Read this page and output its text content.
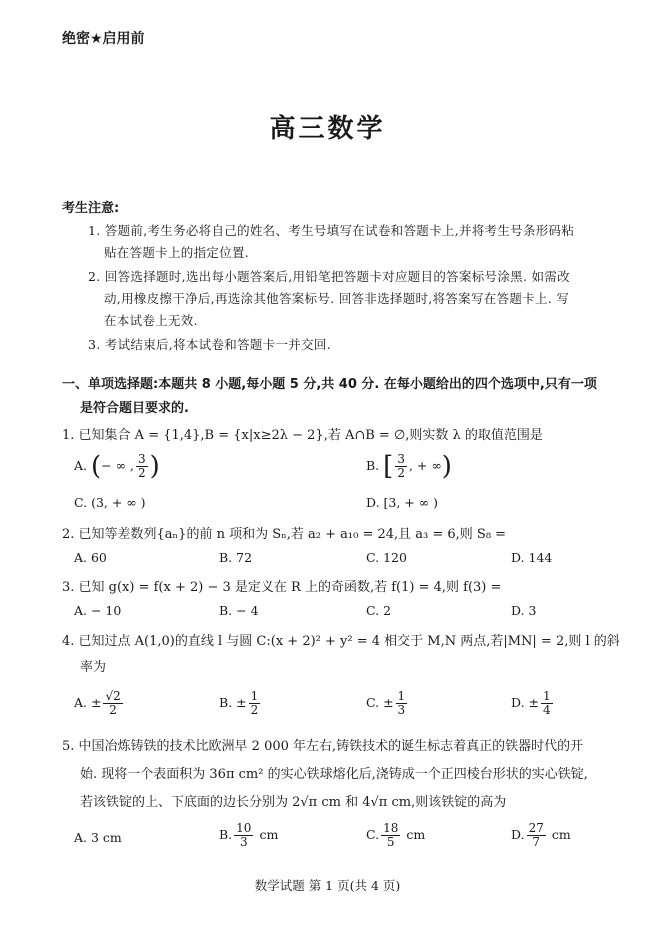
绝密★启用前
高三数学
考生注意:
1. 答题前,考生务必将自己的姓名、考生号填写在试卷和答题卡上,并将考生号条形码粘
贴在答题卡上的指定位置.
2. 回答选择题时,选出每小题答案后,用铅笔把答题卡对应题目的答案标号涂黑. 如需改
动,用橡皮擦干净后,再选涂其他答案标号. 回答非选择题时,将答案写在答题卡上. 写
在本试卷上无效.
3. 考试结束后,将本试卷和答题卡一并交回.
一、单项选择题:本题共 8 小题,每小题 5 分,共 40 分. 在每小题给出的四个选项中,只有一项
是符合题目要求的.
1. 已知集合 A = {1,4},B = {x|x≥2λ − 2},若 A∩B = ∅,则实数 λ 的取值范围是
A. (− ∞ , $\frac{3}{2}$ )	B. [ $\frac{3}{2}$ , + ∞)
C. (3, + ∞ )	D. [3, + ∞ )
2. 已知等差数列{aₙ}的前 n 项和为 Sₙ,若 a₂ + a₁₀ = 24,且 a₃ = 6,则 S₈ =
A. 60	B. 72	C. 120	D. 144
3. 已知 g(x) = f(x + 2) − 3 是定义在 R 上的奇函数,若 f(1) = 4,则 f(3) =
A. − 10	B. − 4	C. 2	D. 3
4. 已知过点 A(1,0)的直线 l 与圆 C:(x + 2)² + y² = 4 相交于 M,N 两点,若|MN| = 2,则 l 的斜
率为
A. ± $\frac{√2}{2}$	B. ± $\frac{1}{2}$	C. ± $\frac{1}{3}$	D. ± $\frac{1}{4}$
5. 中国冶炼铸铁的技术比欧洲早 2 000 年左右,铸铁技术的诞生标志着真正的铁器时代的开
始. 现将一个表面积为 36π cm² 的实心铁球熔化后,浇铸成一个正四棱台形状的实心铁锭,
若该铁锭的上、下底面的边长分别为 2√π cm 和 4√π cm,则该铁锭的高为
A. 3 cm	B. $\frac{10}{3}$ cm	C. $\frac{18}{5}$ cm	D. $\frac{27}{7}$ cm
数学试题 第 1 页(共 4 页)
